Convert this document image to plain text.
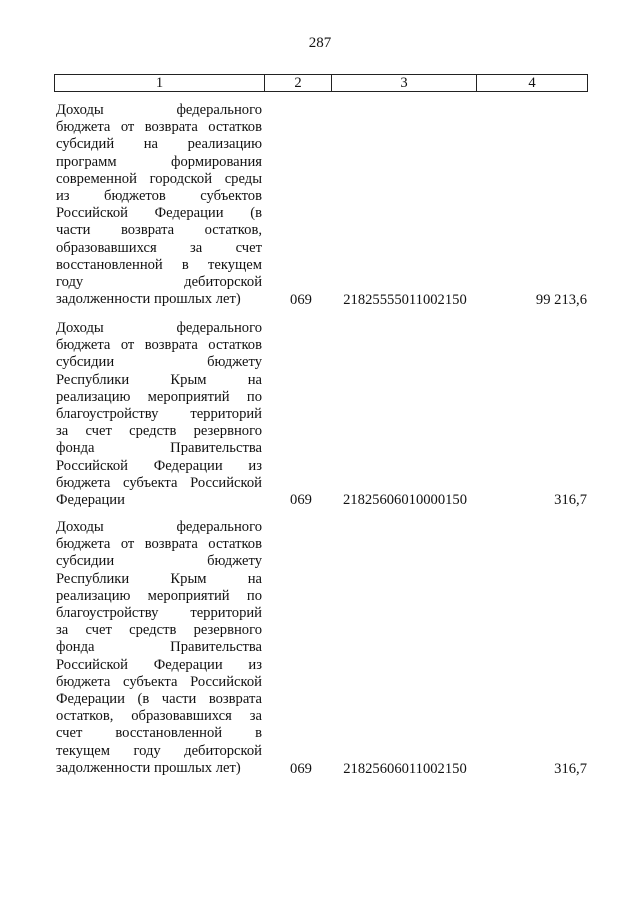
287
1	2	3	4
Доходы федерального
бюджета от возврата остатков
субсидий на реализацию
программ формирования
современной городской среды
из бюджетов субъектов
Российской Федерации (в
части возврата остатков,
образовавшихся за счет
восстановленной в текущем
году дебиторской
задолженности прошлых лет)	069	21825555011002150	99 213,6
Доходы федерального
бюджета от возврата остатков
субсидии бюджету
Республики Крым на
реализацию мероприятий по
благоустройству территорий
за счет средств резервного
фонда Правительства
Российской Федерации из
бюджета субъекта Российской
Федерации	069	21825606010000150	316,7
Доходы федерального
бюджета от возврата остатков
субсидии бюджету
Республики Крым на
реализацию мероприятий по
благоустройству территорий
за счет средств резервного
фонда Правительства
Российской Федерации из
бюджета субъекта Российской
Федерации (в части возврата
остатков, образовавшихся за
счет восстановленной в
текущем году дебиторской
задолженности прошлых лет)	069	21825606011002150	316,7
